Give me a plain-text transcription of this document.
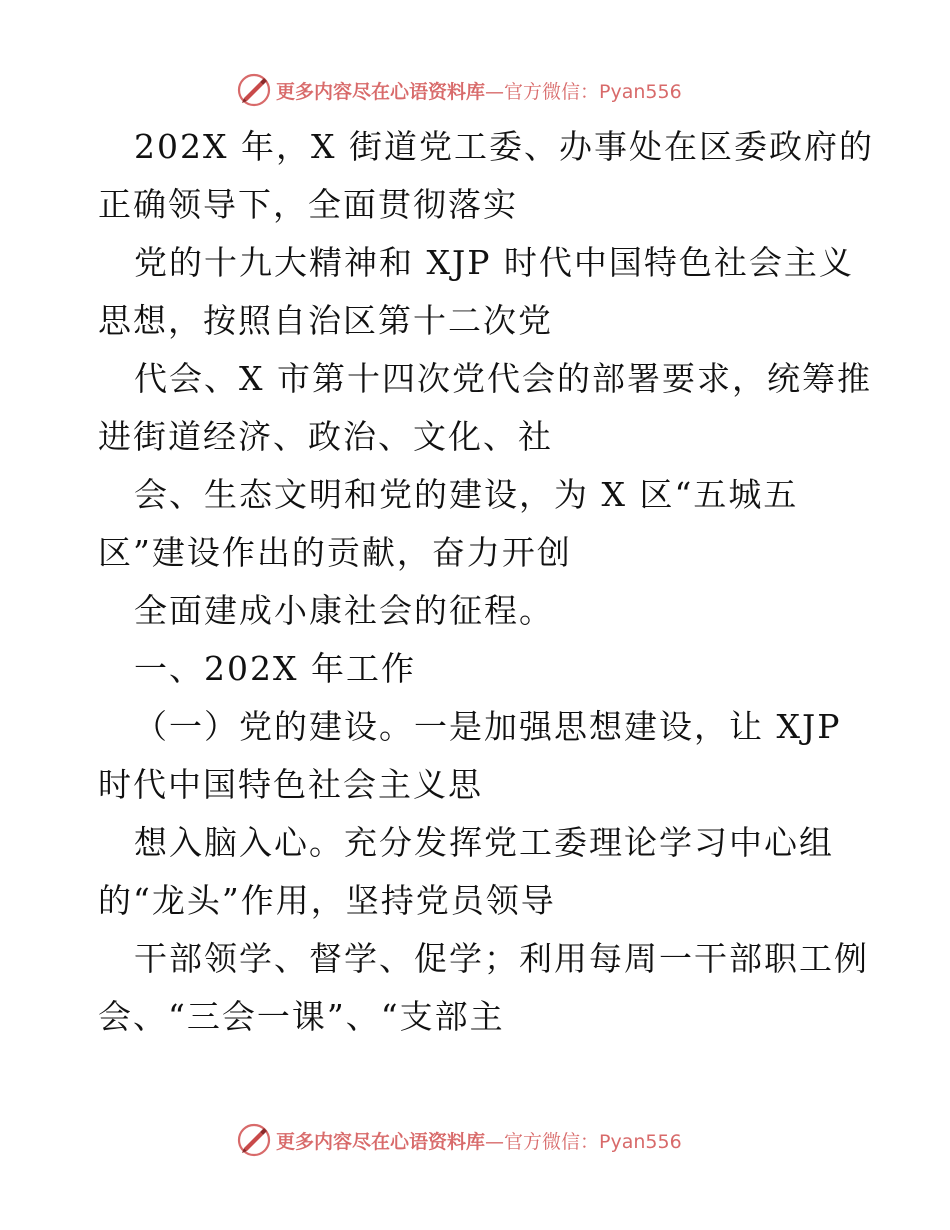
更多内容尽在心语资料库 —官方微信：Pyan556
202X 年，X 街道党工委、办事处在区委政府的
正确领导下，全面贯彻落实
党的十九大精神和 XJP 时代中国特色社会主义
思想，按照自治区第十二次党
代会、X 市第十四次党代会的部署要求，统筹推
进街道经济、政治、文化、社
会、生态文明和党的建设，为 X 区“五城五
区”建设作出的贡献，奋力开创
全面建成小康社会的征程。
一、202X 年工作
（一）党的建设。一是加强思想建设，让 XJP
时代中国特色社会主义思
想入脑入心。充分发挥党工委理论学习中心组
的“龙头”作用，坚持党员领导
干部领学、督学、促学；利用每周一干部职工例
会、“三会一课”、“支部主
更多内容尽在心语资料库 —官方微信：Pyan556
